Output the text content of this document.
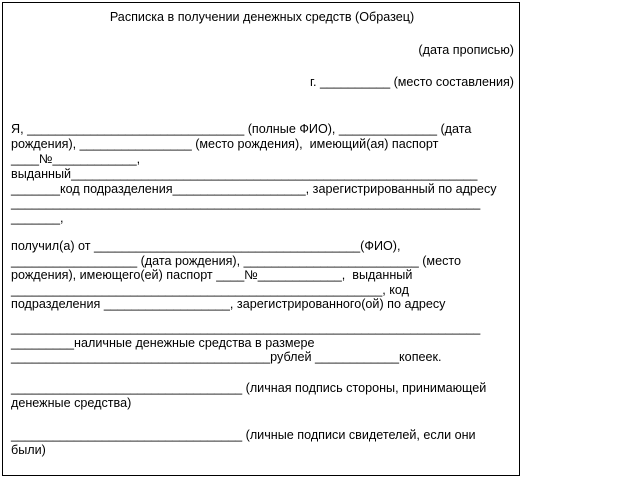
Расписка в получении денежных средств (Образец)
(дата прописью)
г. __________ (место составления)
Я, _______________________________ (полные ФИО), ______________ (дата
рождения), ________________ (место рождения),  имеющий(ая) паспорт
____№____________,
выданный__________________________________________________________
_______код подразделения___________________, зарегистрированный по адресу
___________________________________________________________________
_______,
получил(а) от ______________________________________(ФИО),
__________________ (дата рождения), _________________________ (место
рождения), имеющего(ей) паспорт ____№____________,  выданный
_____________________________________________________, код
подразделения __________________, зарегистрированного(ой) по адресу
___________________________________________________________________
_________наличные денежные средства в размере
_____________________________________рублей ____________копеек.
_________________________________ (личная подпись стороны, принимающей
денежные средства)
_________________________________ (личные подписи свидетелей, если они
были)
